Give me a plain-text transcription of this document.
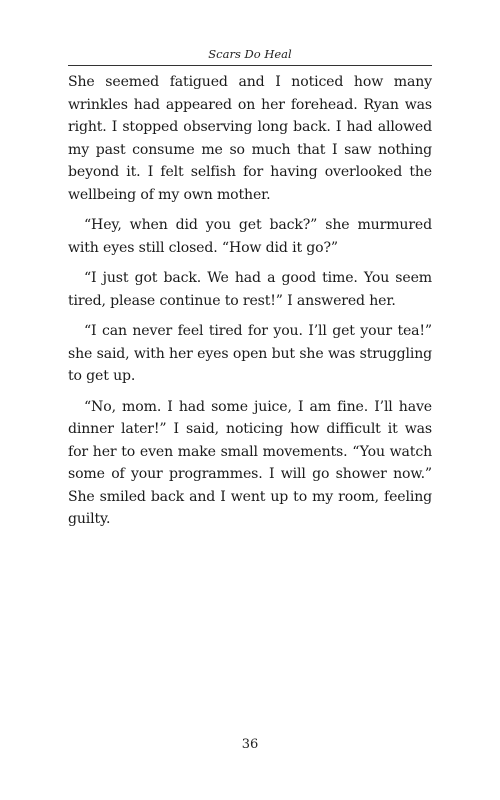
Scars Do Heal

She seemed fatigued and I noticed how many wrinkles had appeared on her forehead. Ryan was right. I stopped observing long back. I had allowed my past consume me so much that I saw nothing beyond it. I felt selfish for having overlooked the wellbeing of my own mother.

“Hey, when did you get back?” she murmured with eyes still closed. “How did it go?”

“I just got back. We had a good time. You seem tired, please continue to rest!” I answered her.

“I can never feel tired for you. I’ll get your tea!” she said, with her eyes open but she was struggling to get up.

“No, mom. I had some juice, I am fine. I’ll have dinner later!” I said, noticing how difficult it was for her to even make small movements. “You watch some of your programmes. I will go shower now.” She smiled back and I went up to my room, feeling guilty.

36
